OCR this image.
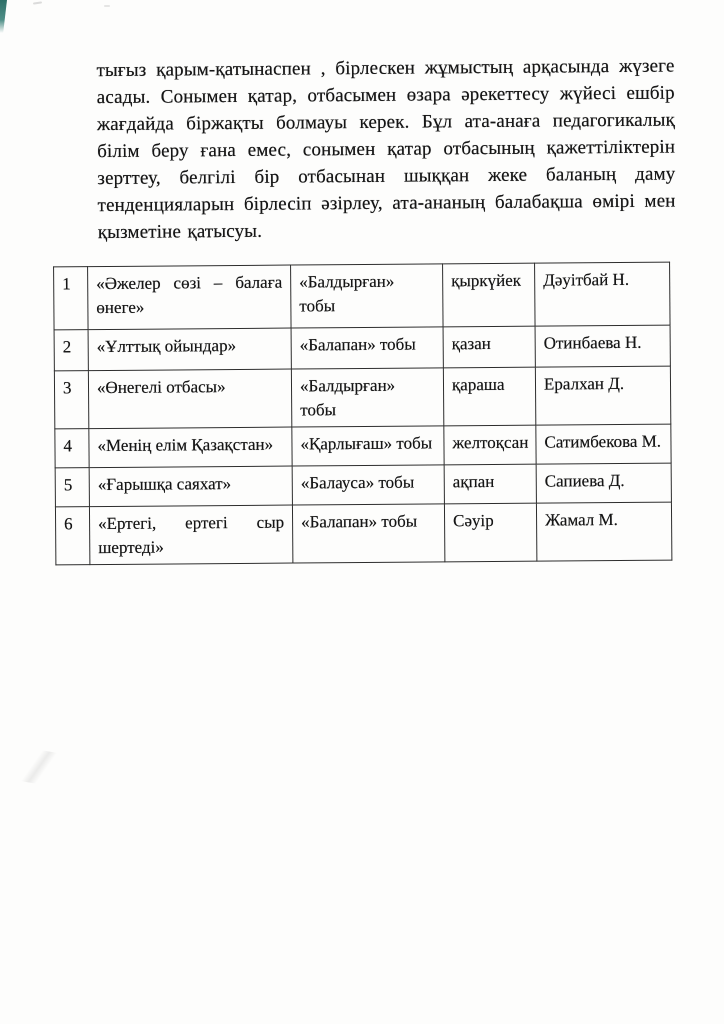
тығыз қарым-қатынаспен , бірлескен жұмыстың арқасында жүзеге асады. Сонымен қатар, отбасымен өзара әрекеттесу жүйесі ешбір жағдайда біржақты болмауы керек. Бұл ата-анаға педагогикалық білім беру ғана емес, сонымен қатар отбасының қажеттіліктерін зерттеу, белгілі бір отбасынан шыққан жеке баланың даму тенденцияларын бірлесіп әзірлеу, ата-ананың балабақша өмірі мен қызметіне қатысуы.

1	«Әжелер сөзі – балаға өнеге»	«Балдырған» тобы	қыркүйек	Дәуітбай Н.
2	«Ұлттық ойындар»	«Балапан» тобы	қазан	Отинбаева Н.
3	«Өнегелі отбасы»	«Балдырған» тобы	қараша	Ералхан Д.
4	«Менің елім Қазақстан»	«Қарлығаш» тобы	желтоқсан	Сатимбекова М.
5	«Ғарышқа саяхат»	«Балауса» тобы	ақпан	Сапиева Д.
6	«Ертегі, ертегі сыр шертеді»	«Балапан» тобы	Сәуір	Жамал М.
